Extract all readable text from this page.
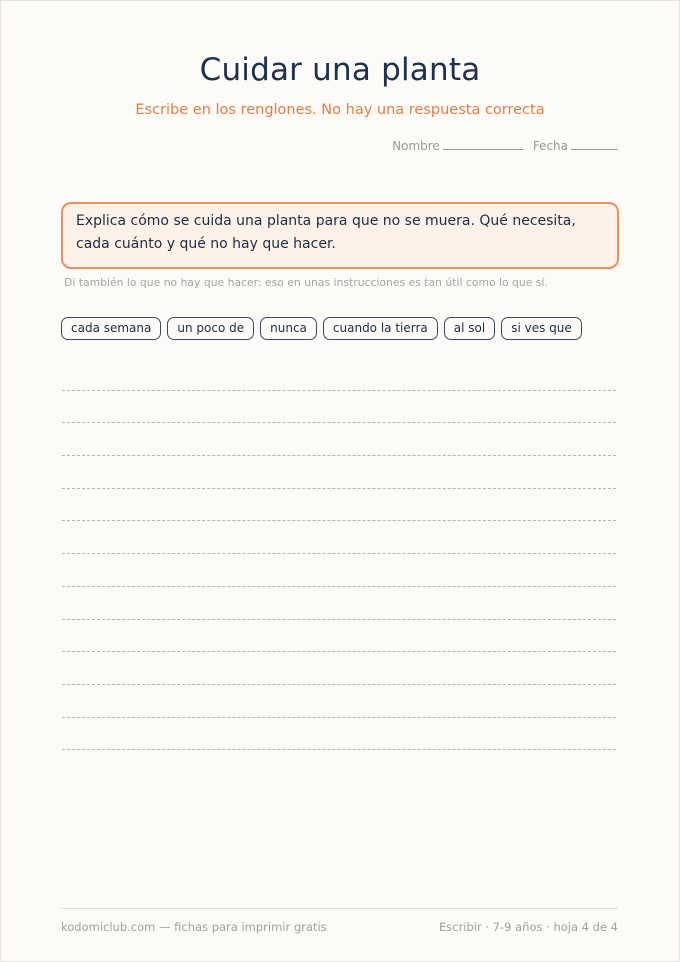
Cuidar una planta
Escribe en los renglones. No hay una respuesta correcta
Nombre	Fecha
Explica cómo se cuida una planta para que no se muera. Qué necesita, cada cuánto y qué no hay que hacer.
Di también lo que no hay que hacer: eso en unas instrucciones es tan útil como lo que sí.
cada semana	un poco de	nunca	cuando la tierra	al sol	si ves que
kodomiclub.com — fichas para imprimir gratis	Escribir · 7-9 años · hoja 4 de 4
